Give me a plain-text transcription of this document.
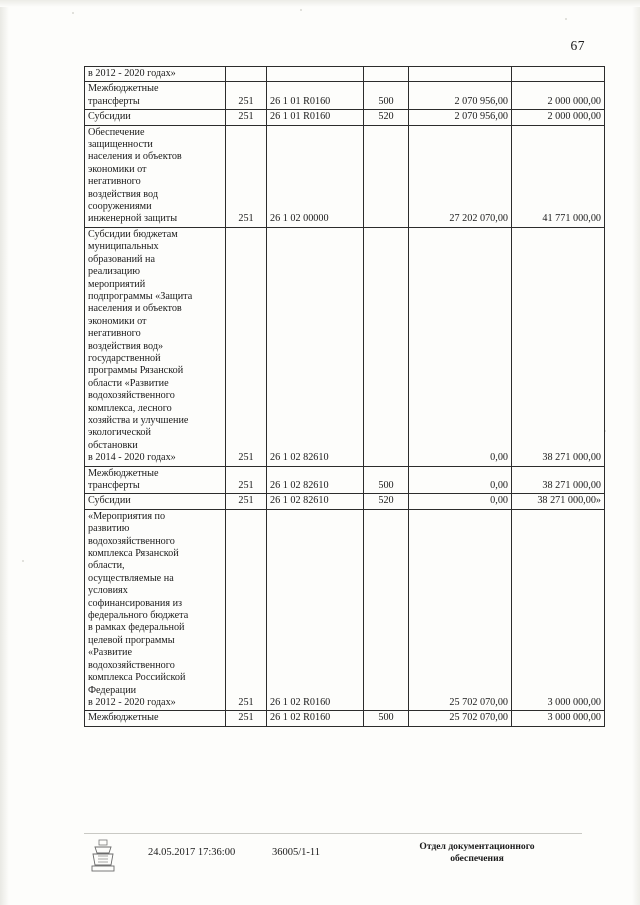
67
в 2012 - 2020 годах»					

Межбюджетные
трансферты	251	26 1 01 R0160	500	2 070 956,00	2 000 000,00

Субсидии	251	26 1 01 R0160	520	2 070 956,00	2 000 000,00

Обеспечение
защищенности
населения и объектов
экономики от
негативного
воздействия вод
сооружениями
инженерной защиты	251	26 1 02 00000		27 202 070,00	41 771 000,00

Субсидии бюджетам
муниципальных
образований на
реализацию
мероприятий
подпрограммы «Защита
населения и объектов
экономики от
негативного
воздействия вод»
государственной
программы Рязанской
области «Развитие
водохозяйственного
комплекса, лесного
хозяйства и улучшение
экологической
обстановки
в 2014 - 2020 годах»	251	26 1 02 82610		0,00	38 271 000,00

Межбюджетные
трансферты	251	26 1 02 82610	500	0,00	38 271 000,00

Субсидии	251	26 1 02 82610	520	0,00	38 271 000,00»

«Мероприятия по
развитию
водохозяйственного
комплекса Рязанской
области,
осуществляемые на
условиях
софинансирования из
федерального бюджета
в рамках федеральной
целевой программы
«Развитие
водохозяйственного
комплекса Российской
Федерации
в 2012 - 2020 годах»	251	26 1 02 R0160		25 702 070,00	3 000 000,00

Межбюджетные	251	26 1 02 R0160	500	25 702 070,00	3 000 000,00
24.05.2017 17:36:00	36005/1-11
Отдел документационного
обеспечения
